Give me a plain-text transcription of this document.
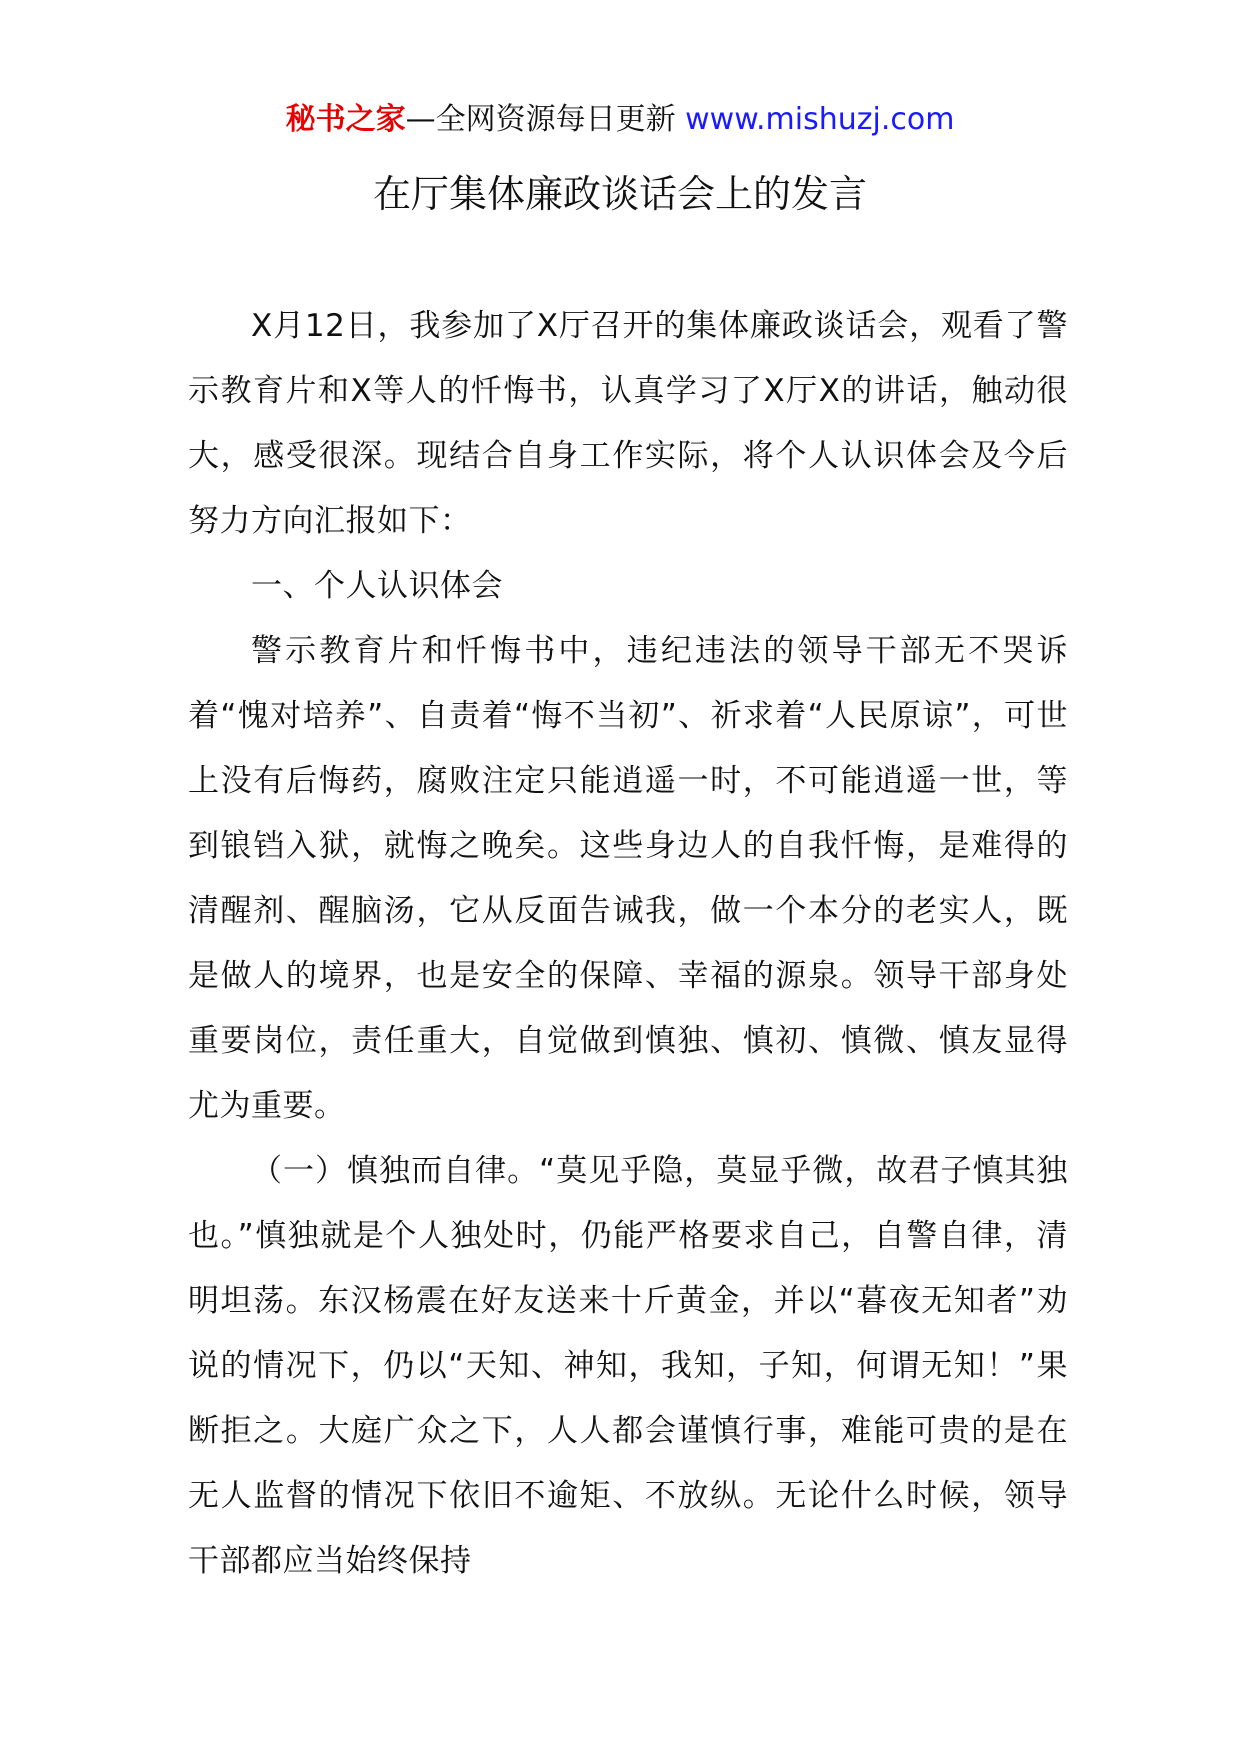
秘书之家—全网资源每日更新 www.mishuzj.com
在厅集体廉政谈话会上的发言

X月12日，我参加了X厅召开的集体廉政谈话会，观看了警示教育片和X等人的忏悔书，认真学习了X厅X的讲话，触动很大，感受很深。现结合自身工作实际，将个人认识体会及今后努力方向汇报如下：

一、个人认识体会

警示教育片和忏悔书中，违纪违法的领导干部无不哭诉着“愧对培养”、自责着“悔不当初”、祈求着“人民原谅”，可世上没有后悔药，腐败注定只能逍遥一时，不可能逍遥一世，等到锒铛入狱，就悔之晚矣。这些身边人的自我忏悔，是难得的清醒剂、醒脑汤，它从反面告诫我，做一个本分的老实人，既是做人的境界，也是安全的保障、幸福的源泉。领导干部身处重要岗位，责任重大，自觉做到慎独、慎初、慎微、慎友显得尤为重要。

（一）慎独而自律。“莫见乎隐，莫显乎微，故君子慎其独也。”慎独就是个人独处时，仍能严格要求自己，自警自律，清明坦荡。东汉杨震在好友送来十斤黄金，并以“暮夜无知者”劝说的情况下，仍以“天知、神知，我知，子知，何谓无知！”果断拒之。大庭广众之下，人人都会谨慎行事，难能可贵的是在无人监督的情况下依旧不逾矩、不放纵。无论什么时候，领导干部都应当始终保持
